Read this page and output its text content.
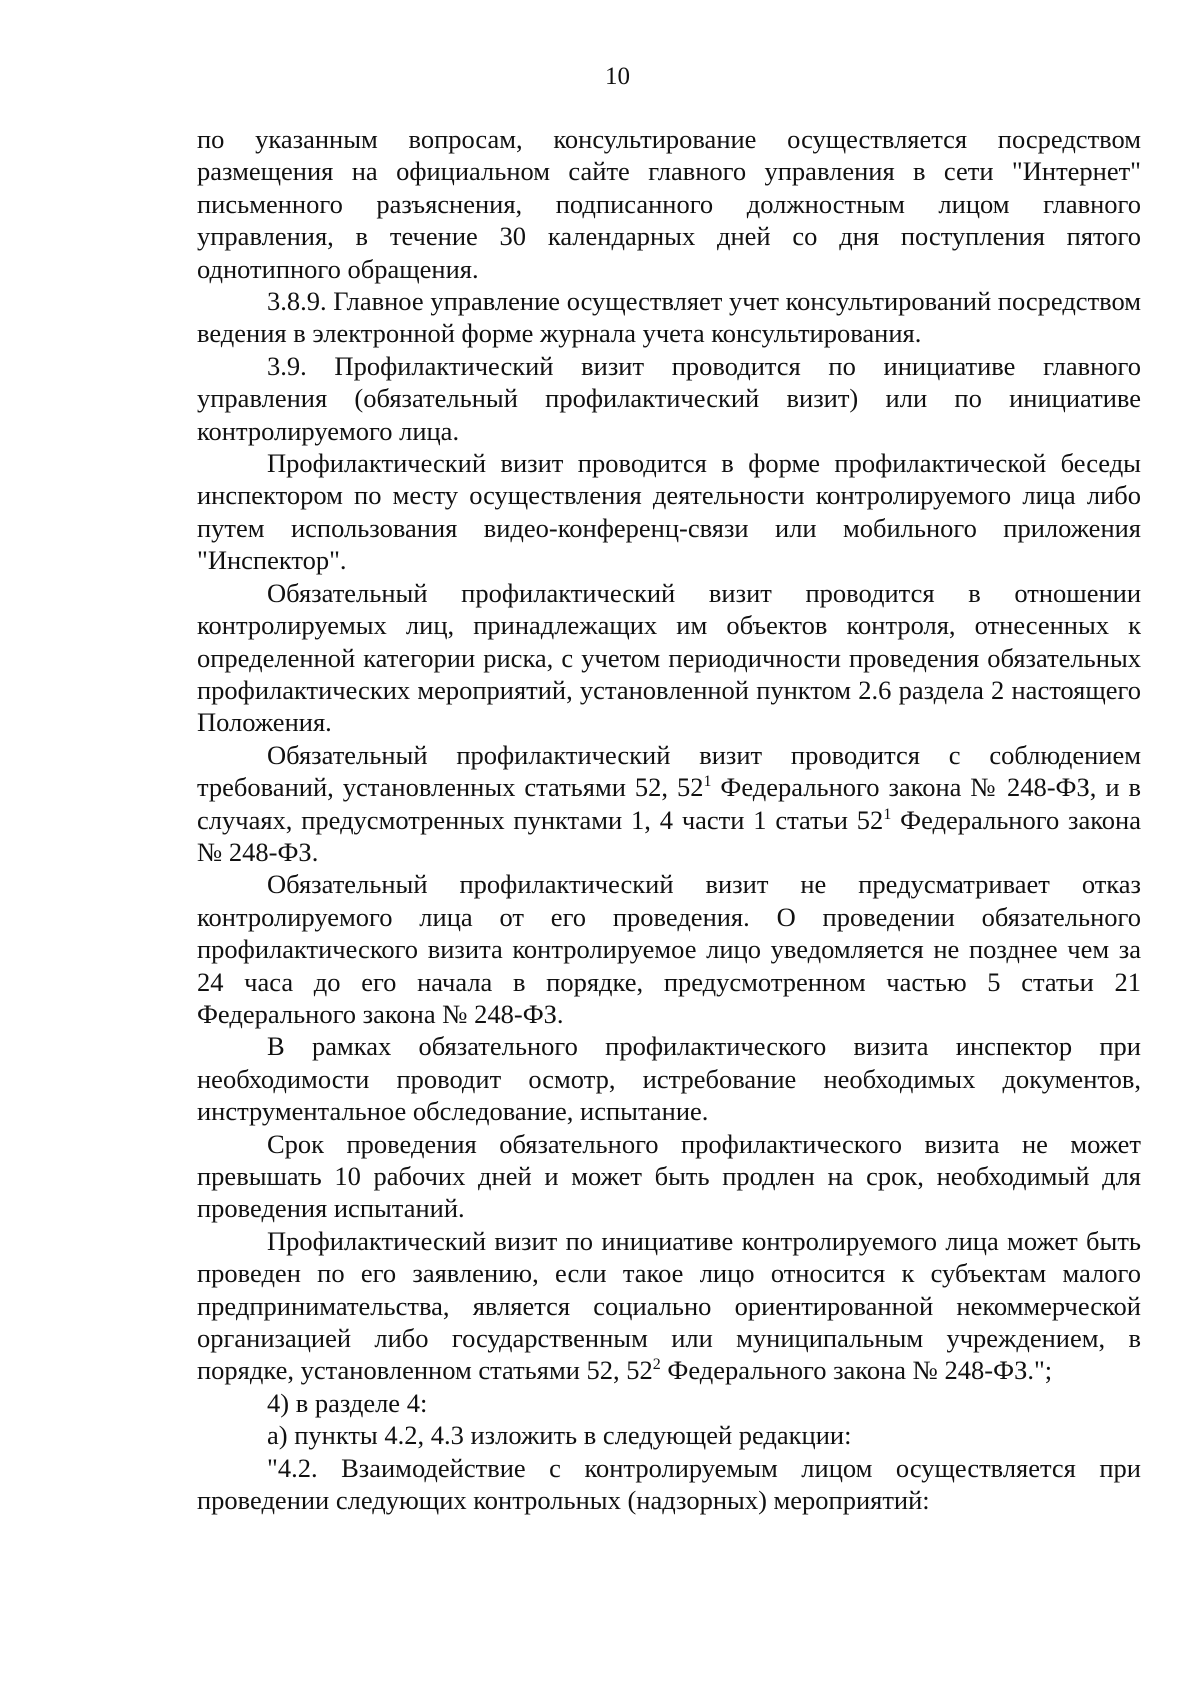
10

по указанным вопросам, консультирование осуществляется посредством размещения на официальном сайте главного управления в сети "Интернет" письменного разъяснения, подписанного должностным лицом главного управления, в течение 30 календарных дней со дня поступления пятого однотипного обращения.

3.8.9. Главное управление осуществляет учет консультирований посредством ведения в электронной форме журнала учета консультирования.

3.9. Профилактический визит проводится по инициативе главного управления (обязательный профилактический визит) или по инициативе контролируемого лица.

Профилактический визит проводится в форме профилактической беседы инспектором по месту осуществления деятельности контролируемого лица либо путем использования видео-конференц-связи или мобильного приложения "Инспектор".

Обязательный профилактический визит проводится в отношении контролируемых лиц, принадлежащих им объектов контроля, отнесенных к определенной категории риска, с учетом периодичности проведения обязательных профилактических мероприятий, установленной пунктом 2.6 раздела 2 настоящего Положения.

Обязательный профилактический визит проводится с соблюдением требований, установленных статьями 52, $52^1$ Федерального закона № 248-ФЗ, и в случаях, предусмотренных пунктами 1, 4 части 1 статьи $52^1$ Федерального закона № 248-ФЗ.

Обязательный профилактический визит не предусматривает отказ контролируемого лица от его проведения. О проведении обязательного профилактического визита контролируемое лицо уведомляется не позднее чем за 24 часа до его начала в порядке, предусмотренном частью 5 статьи 21 Федерального закона № 248-ФЗ.

В рамках обязательного профилактического визита инспектор при необходимости проводит осмотр, истребование необходимых документов, инструментальное обследование, испытание.

Срок проведения обязательного профилактического визита не может превышать 10 рабочих дней и может быть продлен на срок, необходимый для проведения испытаний.

Профилактический визит по инициативе контролируемого лица может быть проведен по его заявлению, если такое лицо относится к субъектам малого предпринимательства, является социально ориентированной некоммерческой организацией либо государственным или муниципальным учреждением, в порядке, установленном статьями 52, $52^2$ Федерального закона № 248-ФЗ.";

4) в разделе 4:

а) пункты 4.2, 4.3 изложить в следующей редакции:

"4.2. Взаимодействие с контролируемым лицом осуществляется при проведении следующих контрольных (надзорных) мероприятий:
